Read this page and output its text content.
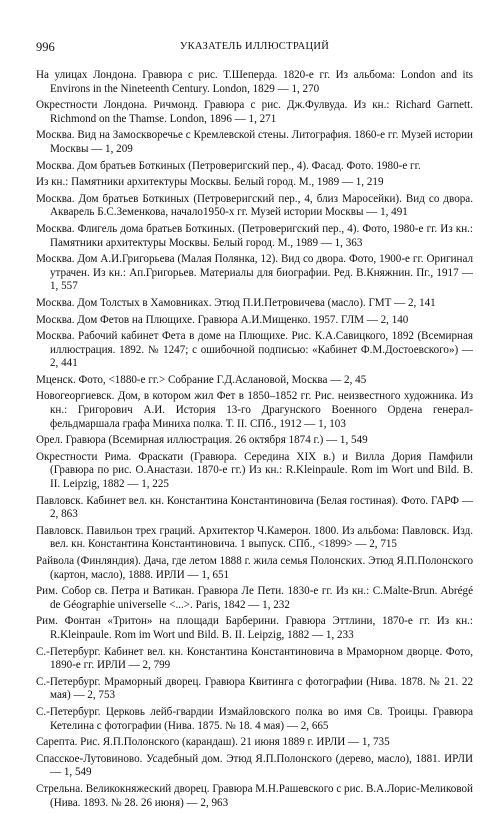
996	УКАЗАТЕЛЬ ИЛЛЮСТРАЦИЙ

На улицах Лондона. Гравюра с рис. Т.Шеперда. 1820-е гг. Из альбома: London and its Environs in the Nineteenth Century. London, 1829 — 1, 270

Окрестности Лондона. Ричмонд. Гравюра с рис. Дж.Фулвуда. Из кн.: Richard Garnett. Richmond on the Thamse. London, 1896 — 1, 271

Москва. Вид на Замоскворечье с Кремлевской стены. Литография. 1860-е гг. Музей истории Москвы — 1, 209

Москва. Дом братьев Боткиных (Петроверигский пер., 4). Фасад. Фото. 1980-е гг.

Из кн.: Памятники архитектуры Москвы. Белый город. М., 1989 — 1, 219

Москва. Дом братьев Боткиных (Петроверигский пер., 4, близ Маросейки). Вид со двора. Акварель Б.С.Земенкова, начало1950-х гг. Музей истории Москвы — 1, 491

Москва. Флигель дома братьев Боткиных. (Петроверигский пер., 4). Фото, 1980-е гг. Из кн.: Памятники архитектуры Москвы. Белый город. М., 1989 — 1, 363

Москва. Дом А.И.Григорьева (Малая Полянка, 12). Вид со двора. Фото, 1900-е гг. Оригинал утрачен. Из кн.: Ап.Григорьев. Материалы для биографии. Ред. В.Княжнин. Пг., 1917 — 1, 557

Москва. Дом Толстых в Хамовниках. Этюд П.И.Петровичева (масло). ГМТ — 2, 141

Москва. Дом Фетов на Плющихе. Гравюра А.И.Мищенко. 1957. ГЛМ — 2, 140

Москва. Рабочий кабинет Фета в доме на Плющихе. Рис. К.А.Савицкого, 1892 (Всемирная иллюстрация. 1892. № 1247; с ошибочной подписью: «Кабинет Ф.М.Достоевского») — 2, 441

Мценск. Фото, <1880-е гг.> Собрание Г.Д.Аслановой, Москва — 2, 45

Новогеоргиевск. Дом, в котором жил Фет в 1850–1852 гг. Рис. неизвестного художника. Из кн.: Григорович А.И. История 13-го Драгунского Военного Ордена генерал-фельдмаршала графа Миниха полка. Т. II. СПб., 1912 — 1, 103

Орел. Гравюра (Всемирная иллюстрация. 26 октября 1874 г.) — 1, 549

Окрестности Рима. Фраскати (Гравюра. Середина XIX в.) и Вилла Дория Памфили (Гравюра по рис. О.Анастази. 1870-е гг.) Из кн.: R.Kleinpaule. Rom im Wort und Bild. B. II. Leipzig, 1882 — 1, 225

Павловск. Кабинет вел. кн. Константина Константиновича (Белая гостиная). Фото. ГАРФ — 2, 863

Павловск. Павильон трех граций. Архитектор Ч.Камерон. 1800. Из альбома: Павловск. Изд. вел. кн. Константина Константиновича. 1 выпуск. СПб., <1899> — 2, 715

Райвола (Финляндия). Дача, где летом 1888 г. жила семья Полонских. Этюд Я.П.Полонского (картон, масло), 1888. ИРЛИ — 1, 651

Рим. Собор св. Петра и Ватикан. Гравюра Ле Пети. 1830-е гг. Из кн.: C.Malte-Brun. Abrégé de Géographie universelle <...>. Paris, 1842 — 1, 232

Рим. Фонтан «Тритон» на площади Барберини. Гравюра Эттлини, 1870-е гг. Из кн.: R.Kleinpaule. Rom im Wort und Bild. B. II. Leipzig, 1882 — 1, 233

С.-Петербург. Кабинет вел. кн. Константина Константиновича в Мраморном дворце. Фото, 1890-е гг. ИРЛИ — 2, 799

С.-Петербург. Мраморный дворец. Гравюра Квитинга с фотографии (Нива. 1878. № 21. 22 мая) — 2, 753

С.-Петербург. Церковь лейб-гвардии Измайловского полка во имя Св. Троицы. Гравюра Кетелина с фотографии (Нива. 1875. № 18. 4 мая) — 2, 665

Сарепта. Рис. Я.П.Полонского (карандаш). 21 июня 1889 г. ИРЛИ — 1, 735

Спасское-Лутовиново. Усадебный дом. Этюд Я.П.Полонского (дерево, масло), 1881. ИРЛИ — 1, 549

Стрельна. Великокняжеский дворец. Гравюра М.Н.Рашевского с рис. В.А.Лорис-Меликовой (Нива. 1893. № 28. 26 июня) — 2, 963
